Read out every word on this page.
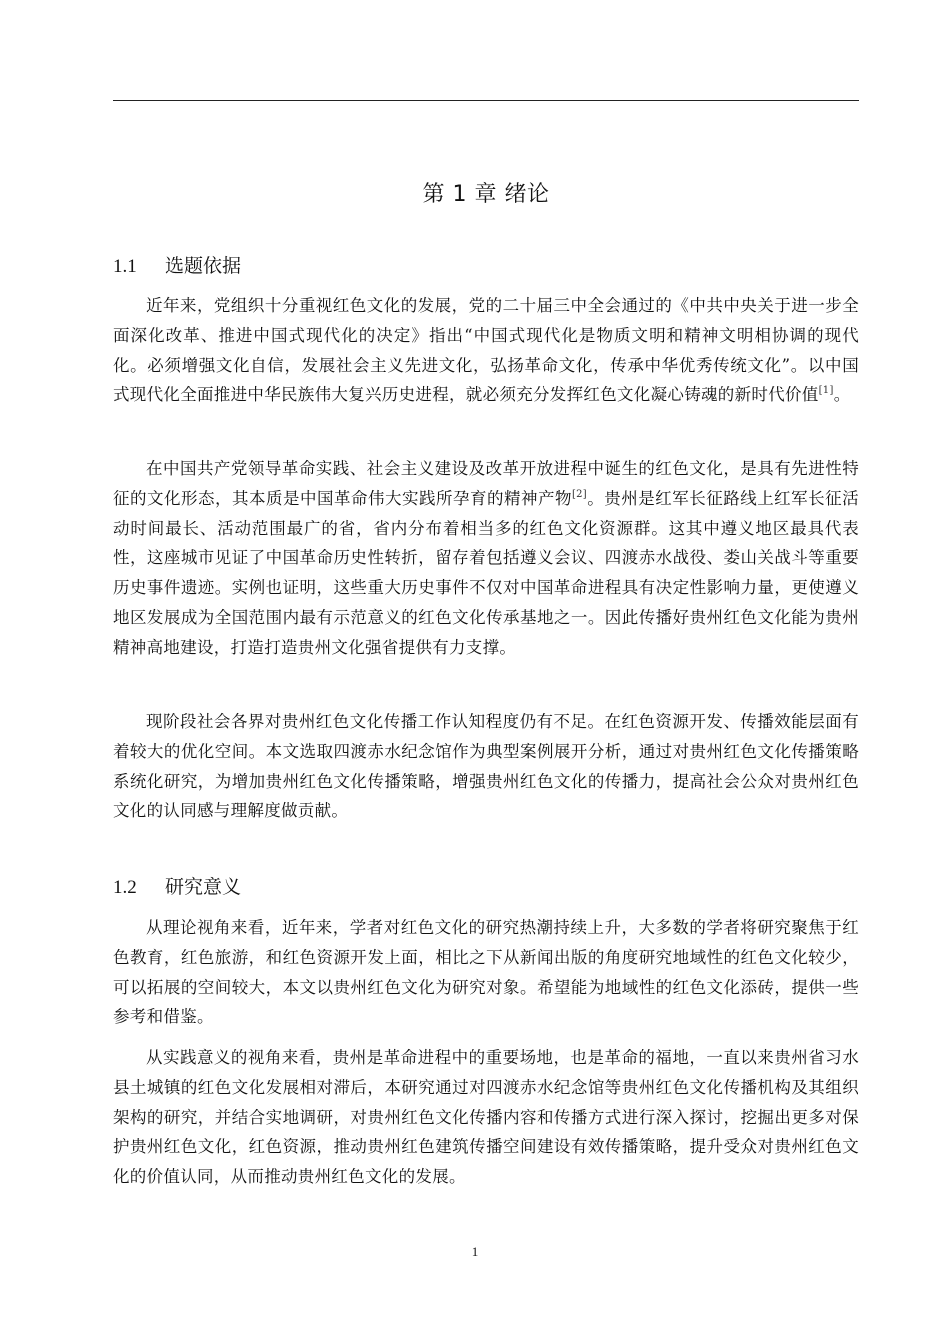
第 1 章 绪论
1.1 选题依据

近年来，党组织十分重视红色文化的发展，党的二十届三中全会通过的《中共中央关于进一步全面深化改革、推进中国式现代化的决定》指出“中国式现代化是物质文明和精神文明相协调的现代化。必须增强文化自信，发展社会主义先进文化，弘扬革命文化，传承中华优秀传统文化”。以中国式现代化全面推进中华民族伟大复兴历史进程，就必须充分发挥红色文化凝心铸魂的新时代价值[1]。

在中国共产党领导革命实践、社会主义建设及改革开放进程中诞生的红色文化，是具有先进性特征的文化形态，其本质是中国革命伟大实践所孕育的精神产物[2]。贵州是红军长征路线上红军长征活动时间最长、活动范围最广的省，省内分布着相当多的红色文化资源群。这其中遵义地区最具代表性，这座城市见证了中国革命历史性转折，留存着包括遵义会议、四渡赤水战役、娄山关战斗等重要历史事件遗迹。实例也证明，这些重大历史事件不仅对中国革命进程具有决定性影响力量，更使遵义地区发展成为全国范围内最有示范意义的红色文化传承基地之一。因此传播好贵州红色文化能为贵州精神高地建设，打造打造贵州文化强省提供有力支撑。

现阶段社会各界对贵州红色文化传播工作认知程度仍有不足。在红色资源开发、传播效能层面有着较大的优化空间。本文选取四渡赤水纪念馆作为典型案例展开分析，通过对贵州红色文化传播策略系统化研究，为增加贵州红色文化传播策略，增强贵州红色文化的传播力，提高社会公众对贵州红色文化的认同感与理解度做贡献。

1.2 研究意义

从理论视角来看，近年来，学者对红色文化的研究热潮持续上升，大多数的学者将研究聚焦于红色教育，红色旅游，和红色资源开发上面，相比之下从新闻出版的角度研究地域性的红色文化较少，可以拓展的空间较大，本文以贵州红色文化为研究对象。希望能为地域性的红色文化添砖，提供一些参考和借鉴。

从实践意义的视角来看，贵州是革命进程中的重要场地，也是革命的福地，一直以来贵州省习水县土城镇的红色文化发展相对滞后，本研究通过对四渡赤水纪念馆等贵州红色文化传播机构及其组织架构的研究，并结合实地调研，对贵州红色文化传播内容和传播方式进行深入探讨，挖掘出更多对保护贵州红色文化，红色资源，推动贵州红色建筑传播空间建设有效传播策略，提升受众对贵州红色文化的价值认同，从而推动贵州红色文化的发展。

1
